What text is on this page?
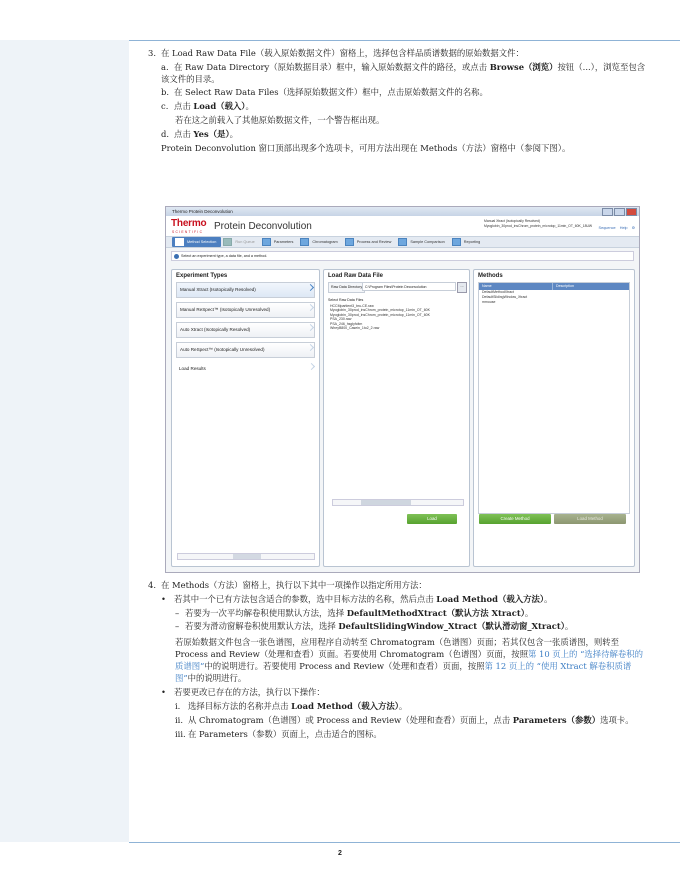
3. 在 Load Raw Data File（载入原始数据文件）窗格上，选择包含样品质谱数据的原始数据文件：
a. 在 Raw Data Directory（原始数据目录）框中，输入原始数据文件的路径，或点击 Browse（浏览）按钮（...），浏览至包含该文件的目录。
b. 在 Select Raw Data Files（选择原始数据文件）框中，点击原始数据文件的名称。
c. 点击 Load（载入）。
若在这之前载入了其他原始数据文件，一个警告框出现。
d. 点击 Yes（是）。
Protein Deconvolution 窗口顶部出现多个选项卡，可用方法出现在 Methods（方法）窗格中（参阅下图）。
Thermo Protein Deconvolution
Thermo
SCIENTIFIC Protein Deconvolution	Manual Xtract (Isotopically Resolved)
Myoglobin_30prod_insChrom_protein_microtop_11min_OT_60K_18UW	Sequence Help ⚙
Method Selection	Run Queue	Parameters	Chromatogram	Process and Review	Sample Comparison	Reporting
Select an experiment type, a data file, and a method.
Experiment Types
Manual Xtract (Isotopically Resolved)
Manual ReSpect™ (Isotopically Unresolved)
Auto Xtract (Isotopically Resolved)
Auto ReSpect™ (Isotopically Unresolved)
Load Results
Load Raw Data File
Raw Data Directory C:\Program Files\Protein Deconvolution	...
Select Raw Data Files
HCCMpartient3_bru-CE.raw
Myoglobin_30prod_insChrom_protein_microtop_11min_OT_60K
Myoglobin_30prod_insChrom_protein_microtop_11min_OT_60K
PSA_230.raw
PSA_246_hsglyfcitm
WheyB800_Casein_1to2_2.raw
Load
Methods
Name	Description
DefaultMethodXtract
DefaultSlidingWindow_Xtract
mmouse
Create Method	Load Method
4. 在 Methods（方法）窗格上，执行以下其中一项操作以指定所用方法：
• 若其中一个已有方法包含适合的参数，选中目标方法的名称，然后点击 Load Method（载入方法）。
– 若要为一次平均解卷积使用默认方法，选择 DefaultMethodXtract（默认方法 Xtract）。
– 若要为滑动窗解卷积使用默认方法，选择 DefaultSlidingWindow_Xtract（默认滑动窗_Xtract）。
若原始数据文件包含一张色谱图，应用程序自动转至 Chromatogram（色谱图）页面；若其仅包含一张质谱图，则转至 Process and Review（处理和查看）页面。若要使用 Chromatogram（色谱图）页面，按照第 10 页上的 “选择待解卷积的质谱图”中的说明进行。若要使用 Process and Review（处理和查看）页面，按照第 12 页上的 “使用 Xtract 解卷积质谱图”中的说明进行。
• 若要更改已存在的方法，执行以下操作：
i. 选择目标方法的名称并点击 Load Method（载入方法）。
ii. 从 Chromatogram（色谱图）或 Process and Review（处理和查看）页面上，点击 Parameters（参数）选项卡。
iii. 在 Parameters（参数）页面上，点击适合的图标。
2
